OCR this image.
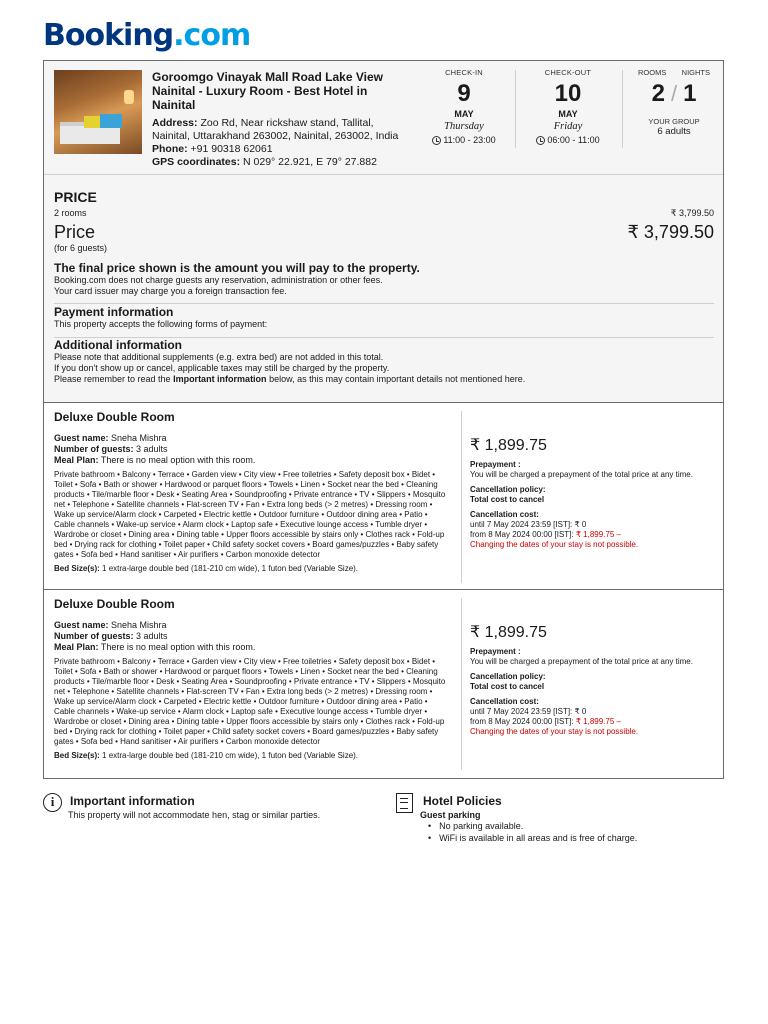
Booking.com
Goroomgo Vinayak Mall Road Lake View Nainital - Luxury Room - Best Hotel in Nainital
Address: Zoo Rd, Near rickshaw stand, Tallital, Nainital, Uttarakhand 263002, Nainital, 263002, India
Phone: +91 90318 62061
GPS coordinates: N 029° 22.921, E 79° 27.882
CHECK-IN
9
MAY
Thursday
11:00 - 23:00
CHECK-OUT
10
MAY
Friday
06:00 - 11:00
ROOMS NIGHTS
2 / 1
YOUR GROUP
6 adults
PRICE
2 rooms	₹ 3,799.50
Price	₹ 3,799.50
(for 6 guests)
The final price shown is the amount you will pay to the property.
Booking.com does not charge guests any reservation, administration or other fees.
Your card issuer may charge you a foreign transaction fee.
Payment information
This property accepts the following forms of payment:
Additional information
Please note that additional supplements (e.g. extra bed) are not added in this total.
If you don't show up or cancel, applicable taxes may still be charged by the property.
Please remember to read the Important information below, as this may contain important details not mentioned here.
Deluxe Double Room
Guest name: Sneha Mishra
Number of guests: 3 adults
Meal Plan: There is no meal option with this room.
Private bathroom • Balcony • Terrace • Garden view • City view • Free toiletries • Safety deposit box • Bidet • Toilet • Sofa • Bath or shower • Hardwood or parquet floors • Towels • Linen • Socket near the bed • Cleaning products • Tile/marble floor • Desk • Seating Area • Soundproofing • Private entrance • TV • Slippers • Mosquito net • Telephone • Satellite channels • Flat-screen TV • Fan • Extra long beds (> 2 metres) • Dressing room • Wake up service/Alarm clock • Carpeted • Electric kettle • Outdoor furniture • Outdoor dining area • Patio • Cable channels • Wake-up service • Alarm clock • Laptop safe • Executive lounge access • Tumble dryer • Wardrobe or closet • Dining area • Dining table • Upper floors accessible by stairs only • Clothes rack • Fold-up bed • Drying rack for clothing • Toilet paper • Child safety socket covers • Board games/puzzles • Baby safety gates • Sofa bed • Hand sanitiser • Air purifiers • Carbon monoxide detector
Bed Size(s): 1 extra-large double bed (181-210 cm wide), 1 futon bed (Variable Size).
₹ 1,899.75
Prepayment :
You will be charged a prepayment of the total price at any time.
Cancellation policy:
Total cost to cancel
Cancellation cost:
until 7 May 2024 23:59 [IST]: ₹ 0
from 8 May 2024 00:00 [IST]: ₹ 1,899.75 –
Changing the dates of your stay is not possible.
Deluxe Double Room
Guest name: Sneha Mishra
Number of guests: 3 adults
Meal Plan: There is no meal option with this room.
Private bathroom • Balcony • Terrace • Garden view • City view • Free toiletries • Safety deposit box • Bidet • Toilet • Sofa • Bath or shower • Hardwood or parquet floors • Towels • Linen • Socket near the bed • Cleaning products • Tile/marble floor • Desk • Seating Area • Soundproofing • Private entrance • TV • Slippers • Mosquito net • Telephone • Satellite channels • Flat-screen TV • Fan • Extra long beds (> 2 metres) • Dressing room • Wake up service/Alarm clock • Carpeted • Electric kettle • Outdoor furniture • Outdoor dining area • Patio • Cable channels • Wake-up service • Alarm clock • Laptop safe • Executive lounge access • Tumble dryer • Wardrobe or closet • Dining area • Dining table • Upper floors accessible by stairs only • Clothes rack • Fold-up bed • Drying rack for clothing • Toilet paper • Child safety socket covers • Board games/puzzles • Baby safety gates • Sofa bed • Hand sanitiser • Air purifiers • Carbon monoxide detector
Bed Size(s): 1 extra-large double bed (181-210 cm wide), 1 futon bed (Variable Size).
₹ 1,899.75
Prepayment :
You will be charged a prepayment of the total price at any time.
Cancellation policy:
Total cost to cancel
Cancellation cost:
until 7 May 2024 23:59 [IST]: ₹ 0
from 8 May 2024 00:00 [IST]: ₹ 1,899.75 –
Changing the dates of your stay is not possible.
i	Important information
This property will not accommodate hen, stag or similar parties.
Hotel Policies
Guest parking
• No parking available.
• WiFi is available in all areas and is free of charge.
